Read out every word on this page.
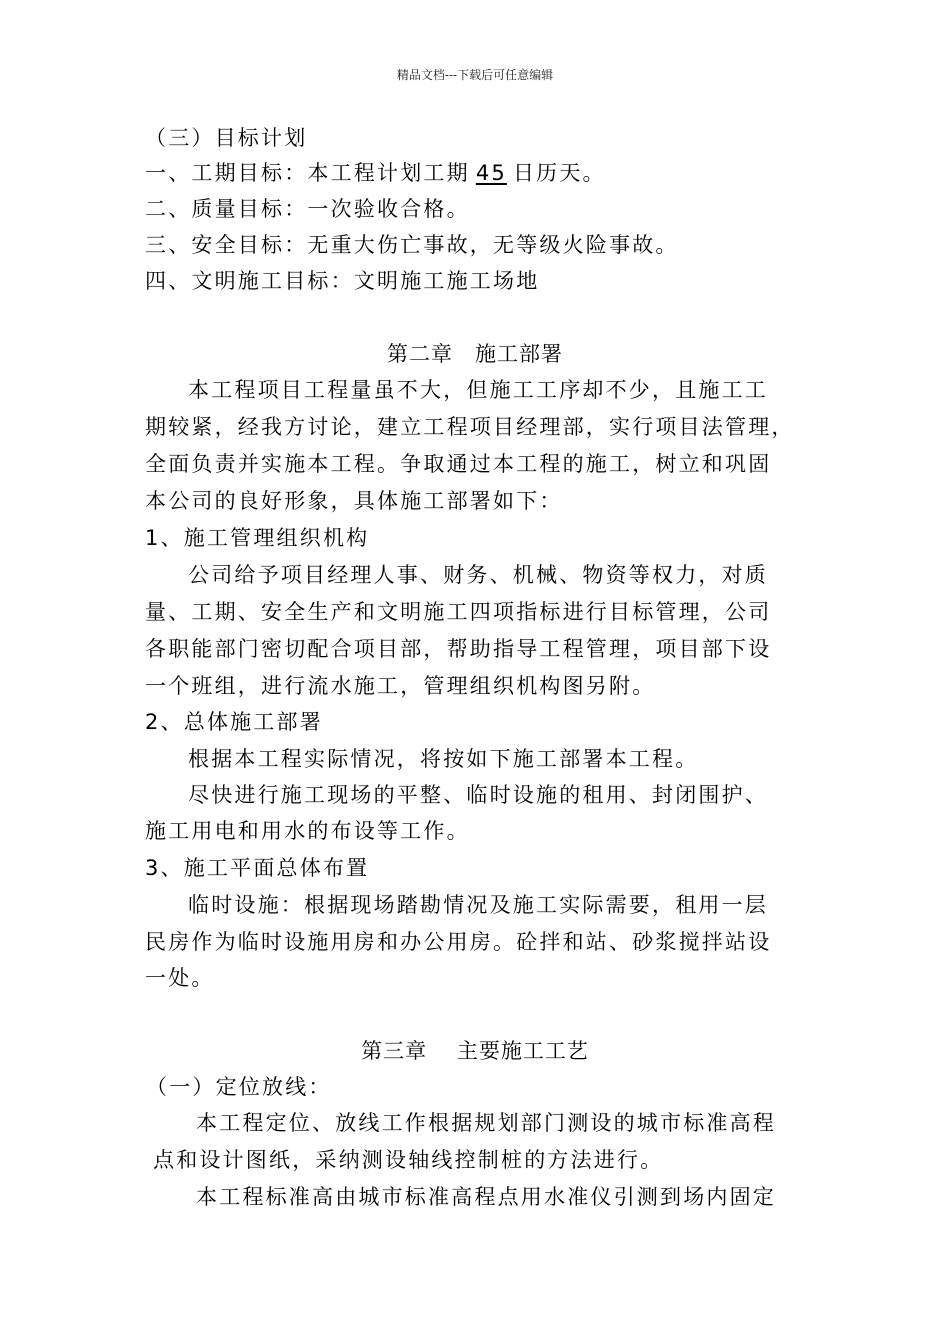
精品文档---下载后可任意编辑
（三）目标计划
一、工期目标：本工程计划工期 45 日历天。
二、质量目标：一次验收合格。
三、安全目标：无重大伤亡事故，无等级火险事故。
四、文明施工目标：文明施工施工场地
第二章　施工部署
本工程项目工程量虽不大，但施工工序却不少，且施工工
期较紧，经我方讨论，建立工程项目经理部，实行项目法管理，
全面负责并实施本工程。争取通过本工程的施工，树立和巩固
本公司的良好形象，具体施工部署如下：
1、施工管理组织机构
公司给予项目经理人事、财务、机械、物资等权力，对质
量、工期、安全生产和文明施工四项指标进行目标管理，公司
各职能部门密切配合项目部，帮助指导工程管理，项目部下设
一个班组，进行流水施工，管理组织机构图另附。
2、总体施工部署
根据本工程实际情况，将按如下施工部署本工程。
尽快进行施工现场的平整、临时设施的租用、封闭围护、
施工用电和用水的布设等工作。
3、施工平面总体布置
临时设施：根据现场踏勘情况及施工实际需要，租用一层
民房作为临时设施用房和办公用房。砼拌和站、砂浆搅拌站设
一处。
第三章　 主要施工工艺
（一）定位放线：
本工程定位、放线工作根据规划部门测设的城市标准高程
点和设计图纸，采纳测设轴线控制桩的方法进行。
本工程标准高由城市标准高程点用水准仪引测到场内固定
